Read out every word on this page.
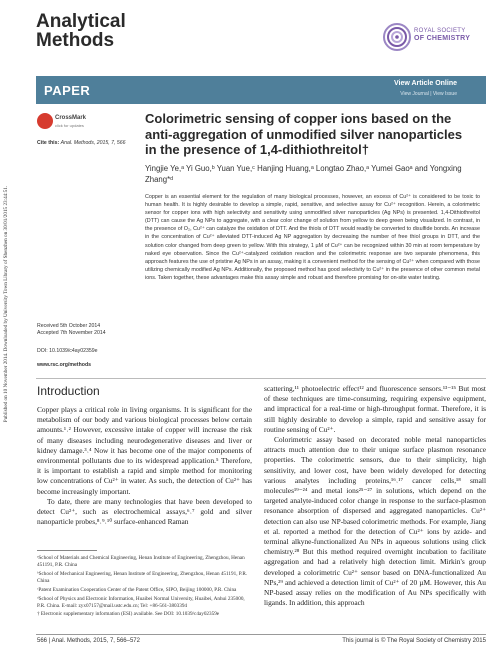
Published on 10 November 2014. Downloaded by University Town Library of Shenzhen on 30/01/2015 23:44:51.
Analytical
Methods	ROYAL SOCIETY
OF CHEMISTRY
PAPER	View Article Online
View Journal | View Issue
CrossMark
click for updates
Cite this: Anal. Methods, 2015, 7, 566
Colorimetric sensing of copper ions based on the anti-aggregation of unmodified silver nanoparticles in the presence of 1,4-dithiothreitol†
Yingjie Ye,ᵃ Yi Guo,ᵇ Yuan Yue,ᶜ Hanjing Huang,ᵃ Longtao Zhao,ᵃ Yumei Gaoᵃ and Yongxing Zhang*ᵈ
Copper is an essential element for the regulation of many biological processes, however, an excess of Cu²⁺ is considered to be toxic to human health. It is highly desirable to develop a simple, rapid, sensitive, and selective assay for Cu²⁺ recognition. Herein, a colorimetric sensor for copper ions with high selectivity and sensitivity using unmodified silver nanoparticles (Ag NPs) is presented. 1,4-Dithiothreitol (DTT) can cause the Ag NPs to aggregate, with a clear color change of solution from yellow to deep green being visualized. In contrast, in the presence of O₂, Cu²⁺ can catalyze the oxidation of DTT. And the thiols of DTT would readily be converted to disulfide bonds. An increase in the concentration of Cu²⁺ alleviated DTT-induced Ag NP aggregation by decreasing the number of free thiol groups in DTT, and the solution color changed from deep green to yellow. With this strategy, 1 µM of Cu²⁺ can be recognized within 30 min at room temperature by naked eye observation. Since the Cu²⁺-catalyzed oxidation reaction and the colorimetric response are two separate phenomena, this approach features the use of pristine Ag NPs in an assay, making it a convenient method for the sensing of Cu²⁺ when compared with those utilizing chemically modified Ag NPs. Additionally, the proposed method has good selectivity to Cu²⁺ in the presence of other common metal ions. Taken together, these advantages make this assay simple and robust and therefore promising for on-site water testing.
Received 5th October 2014
Accepted 7th November 2014
DOI: 10.1039/c4ay02359e
www.rsc.org/methods
Introduction

Copper plays a critical role in living organisms. It is significant for the metabolism of our body and various biological processes below certain amounts.¹˒² However, excessive intake of copper will increase the risk of many diseases including neurodegenerative diseases and liver or kidney damage.³˒⁴ Now it has become one of the major components of environmental pollutants due to its widespread application.⁵ Therefore, it is important to establish a rapid and simple method for monitoring low concentrations of Cu²⁺ in water. As such, the detection of Cu²⁺ has become increasingly important.

To date, there are many technologies that have been developed to detect Cu²⁺, such as electrochemical assays,⁶˒⁷ gold and silver nanoparticle probes,⁸˒⁹˒¹⁰ surface-enhanced Raman

scattering,¹¹ photoelectric effect¹² and fluorescence sensors.¹³⁻¹⁵ But most of these techniques are time-consuming, requiring expensive equipment, and impractical for a real-time or high-throughput format. Therefore, it is still highly desirable to develop a simple, rapid and sensitive assay for routine sensing of Cu²⁺.

Colorimetric assay based on decorated noble metal nanoparticles attracts much attention due to their unique surface plasmon resonance properties. The colorimetric sensors, due to their simplicity, high sensitivity, and lower cost, have been widely developed for detecting various analytes including proteins,¹⁶˒¹⁷ cancer cells,¹⁸ small molecules¹⁹⁻²⁴ and metal ions²⁵⁻²⁷ in solutions, which depend on the targeted analyte-induced color change in response to the surface-plasmon resonance absorption of dispersed and aggregated nanoparticles. Cu²⁺ detection can also use NP-based colorimetric methods. For example, Jiang et al. reported a method for the detection of Cu²⁺ ions by azide- and terminal alkyne-functionalized Au NPs in aqueous solutions using click chemistry.²⁸ But this method required overnight incubation to facilitate aggregation and had a relatively high detection limit. Mirkin's group developed a colorimetric Cu²⁺ sensor based on DNA-functionalized Au NPs,²⁹ and achieved a detection limit of Cu²⁺ of 20 µM. However, this Au NP-based assay relies on the modification of Au NPs specifically with ligands. In addition, this approach

ᵃSchool of Materials and Chemical Engineering, Henan Institute of Engineering, Zhengzhou, Henan 451191, P.R. China
ᵇSchool of Mechanical Engineering, Henan Institute of Engineering, Zhengzhou, Henan 451191, P.R. China
ᶜPatent Examination Cooperation Center of the Patent Office, SIPO, Beijing 100000, P.R. China
ᵈSchool of Physics and Electronic Information, Huaibei Normal University, Huaibei, Anhui 235000, P.R. China. E-mail: zyx07157@mail.ustc.edu.cn; Tel: +86-561-3803394
† Electronic supplementary information (ESI) available. See DOI: 10.1039/c4ay02359e
566 | Anal. Methods, 2015, 7, 566–572	This journal is © The Royal Society of Chemistry 2015
